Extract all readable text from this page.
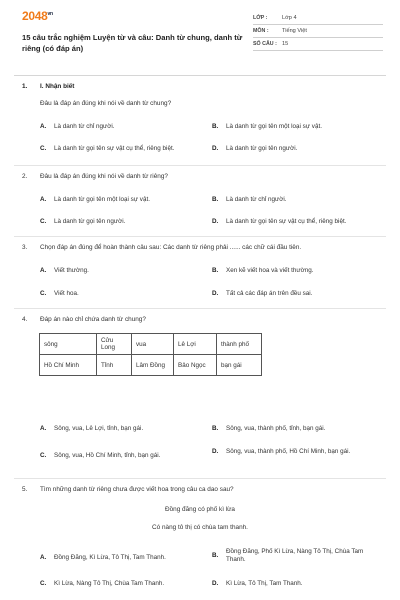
$2048^{vn}$
15 câu trắc nghiệm Luyện từ và câu: Danh từ chung, danh từ riêng (có đáp án)
LỚP :	Lớp 4
MÔN :	Tiếng Việt
SỐ CÂU : 15
1.	I. Nhận biết
Đâu là đáp án đúng khi nói về danh từ chung?
A.	Là danh từ chỉ người.	B.	Là danh từ gọi tên một loại sự vật.
C.	Là danh từ gọi tên sự vật cụ thể, riêng biệt.	D.	Là danh từ gọi tên người.
2.	Đâu là đáp án đúng khi nói về danh từ riêng?
A.	Là danh từ gọi tên một loại sự vật.	B.	Là danh từ chỉ người.
C.	Là danh từ gọi tên người.	D.	Là danh từ gọi tên sự vật cụ thể, riêng biệt.
3.	Chọn đáp án đúng để hoàn thành câu sau: Các danh từ riêng phải ...... các chữ cái đầu tiên.
A.	Viết thường.	B.	Xen kẽ viết hoa và viết thường.
C.	Viết hoa.	D.	Tất cả các đáp án trên đều sai.
4.	Đáp án nào chỉ chứa danh từ chung?
sông	Cửu Long	vua	Lê Lợi	thành phố
Hồ Chí Minh	Tỉnh	Lâm Đồng	Bảo Ngọc	bạn gái
A.	Sông, vua, Lê Lợi, tỉnh, bạn gái.	B.	Sông, vua, thành phố, tỉnh, bạn gái.
C.	Sông, vua, Hồ Chí Minh, tỉnh, bạn gái.
D.	Sông, vua, thành phố, Hồ Chí Minh, bạn gái.
5.	Tìm những danh từ riêng chưa được viết hoa trong câu ca dao sau?
Đồng đăng có phố kì lừa
Có nàng tô thị có chùa tam thanh.
A.	Đồng Đăng, Kì Lừa, Tô Thị, Tam Thanh.	B.
Đồng Đăng, Phố Kì Lừa, Nàng Tô Thị, Chùa Tam Thanh.
C.	Kì Lừa, Nàng Tô Thị, Chùa Tam Thanh.	D.	Kì Lừa, Tô Thị, Tam Thanh.
